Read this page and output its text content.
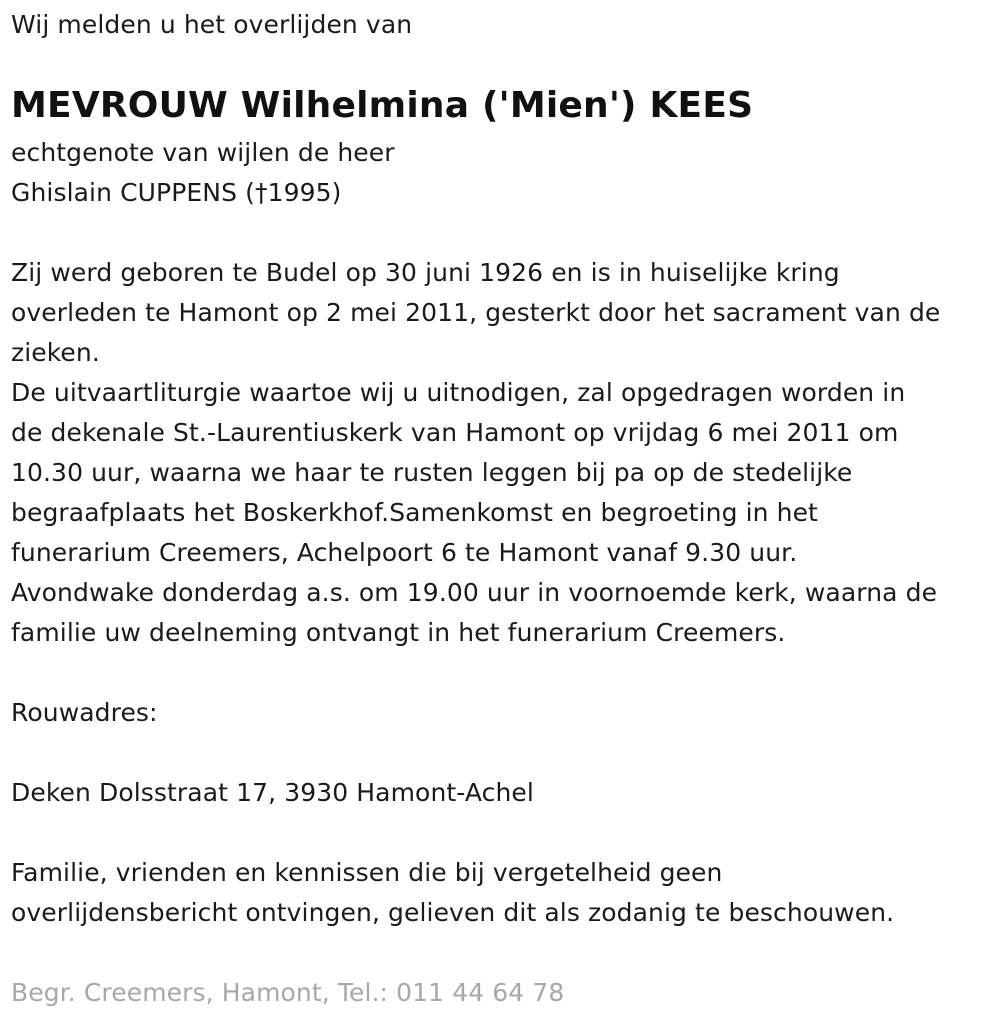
Wij melden u het overlijden van
MEVROUW Wilhelmina ('Mien') KEES
echtgenote van wijlen de heer
Ghislain CUPPENS (†1995)
Zij werd geboren te Budel op 30 juni 1926 en is in huiselijke kring
overleden te Hamont op 2 mei 2011, gesterkt door het sacrament van de
zieken.
De uitvaartliturgie waartoe wij u uitnodigen, zal opgedragen worden in
de dekenale St.-Laurentiuskerk van Hamont op vrijdag 6 mei 2011 om
10.30 uur, waarna we haar te rusten leggen bij pa op de stedelijke
begraafplaats het Boskerkhof.Samenkomst en begroeting in het
funerarium Creemers, Achelpoort 6 te Hamont vanaf 9.30 uur.
Avondwake donderdag a.s. om 19.00 uur in voornoemde kerk, waarna de
familie uw deelneming ontvangt in het funerarium Creemers.
Rouwadres:
Deken Dolsstraat 17, 3930 Hamont-Achel
Familie, vrienden en kennissen die bij vergetelheid geen
overlijdensbericht ontvingen, gelieven dit als zodanig te beschouwen.
Begr. Creemers, Hamont, Tel.: 011 44 64 78
